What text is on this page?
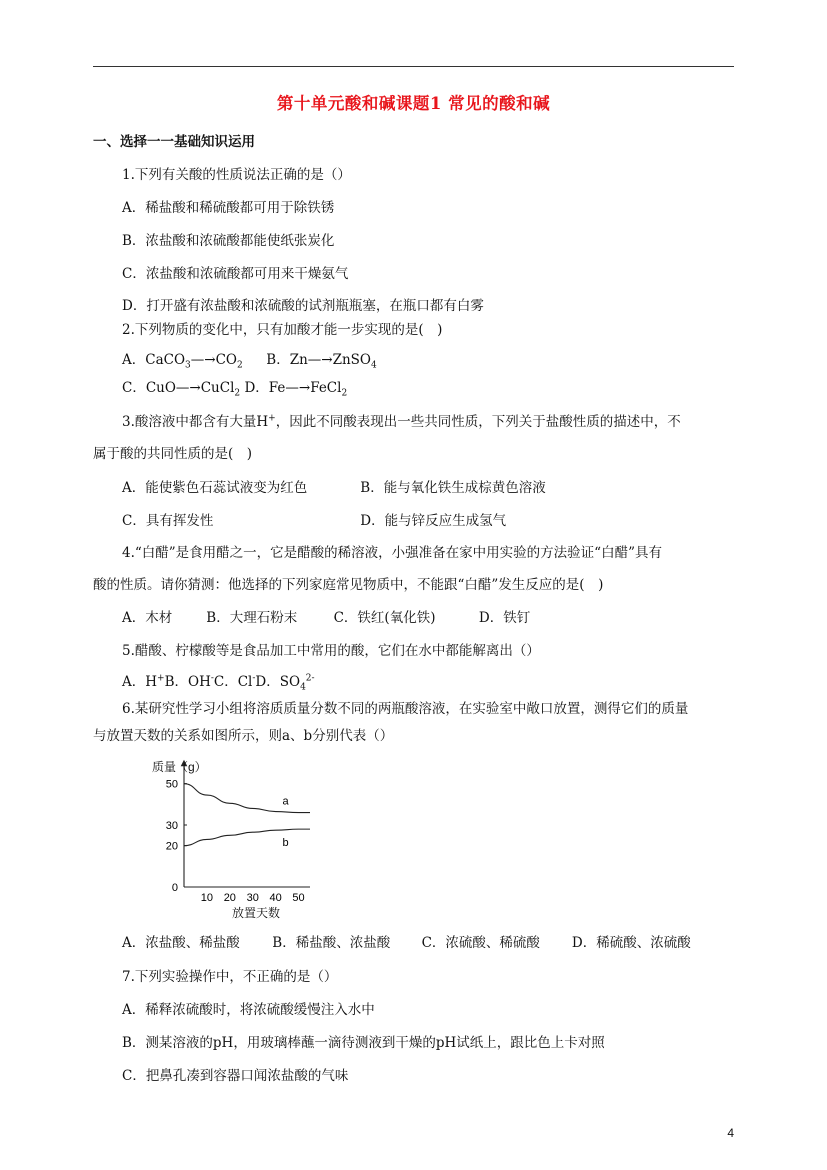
第十单元酸和碱课题1 常见的酸和碱
一、选择一一基础知识运用
1.下列有关酸的性质说法正确的是（）
A．稀盐酸和稀硫酸都可用于除铁锈
B．浓盐酸和浓硫酸都能使纸张炭化
C．浓盐酸和浓硫酸都可用来干燥氨气
D．打开盛有浓盐酸和浓硫酸的试剂瓶瓶塞，在瓶口都有白雾
2.下列物质的变化中，只有加酸才能一步实现的是(　)
A．$CaCO_3—\to CO_2$ B．Zn—→ZnSO$_4$
C．CuO—→CuCl$_2$ D．Fe—→FeCl$_2$
3.酸溶液中都含有大量H+，因此不同酸表现出一些共同性质，下列关于盐酸性质的描述中，不
属于酸的共同性质的是(　)
A．能使紫色石蕊试液变为红色	B．能与氧化铁生成棕黄色溶液
C．具有挥发性	D．能与锌反应生成氢气
4.“白醋”是食用醋之一，它是醋酸的稀溶液，小强准备在家中用实验的方法验证“白醋”具有
酸的性质。请你猜测：他选择的下列家庭常见物质中，不能跟“白醋”发生反应的是(　)
A．木材	B．大理石粉末	C．铁红(氧化铁)	D．铁钉
5.醋酸、柠檬酸等是食品加工中常用的酸，它们在水中都能解离出（）
A．H+B．OH-C．Cl-D．$SO_4^{2-}$
6.某研究性学习小组将溶质质量分数不同的两瓶酸溶液，在实验室中敞口放置，测得它们的质量
与放置天数的关系如图所示，则a、b分别代表（）
质量（g）
放置天数
0
20
30
50
10 20 30 40 50
a
b
A．浓盐酸、稀盐酸 B．稀盐酸、浓盐酸 C．浓硫酸、稀硫酸 D．稀硫酸、浓硫酸
7.下列实验操作中，不正确的是（）
A．稀释浓硫酸时，将浓硫酸缓慢注入水中
B．测某溶液的pH，用玻璃棒蘸一滴待测液到干燥的pH试纸上，跟比色上卡对照
C．把鼻孔凑到容器口闻浓盐酸的气味
4
